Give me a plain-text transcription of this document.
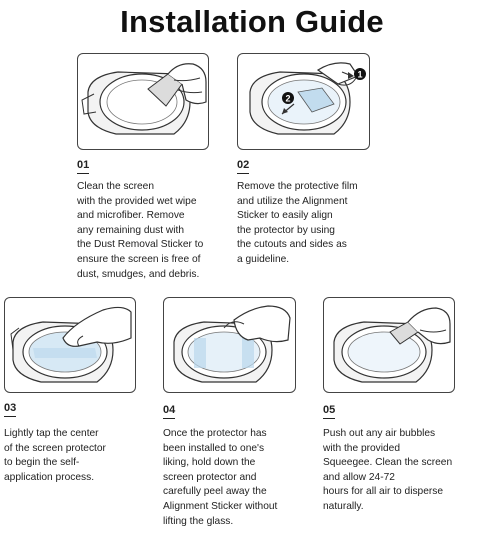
Installation Guide
1
2
01
Clean the screen
with the provided wet wipe
and microfiber. Remove
any remaining dust with
the Dust Removal Sticker to
ensure the screen is free of
dust, smudges, and debris.
02
Remove the protective film
and utilize the Alignment
Sticker to easily align
the protector by using
the cutouts and sides as
a guideline.
03
Lightly tap the center
of the screen protector
to begin the self-
application process.
04
Once the protector has
been installed to one's
liking, hold down the
screen protector and
carefully peel away the
Alignment Sticker without
lifting the glass.
05
Push out any air bubbles
with the provided
Squeegee. Clean the screen
and allow 24-72
hours for all air to disperse
naturally.
